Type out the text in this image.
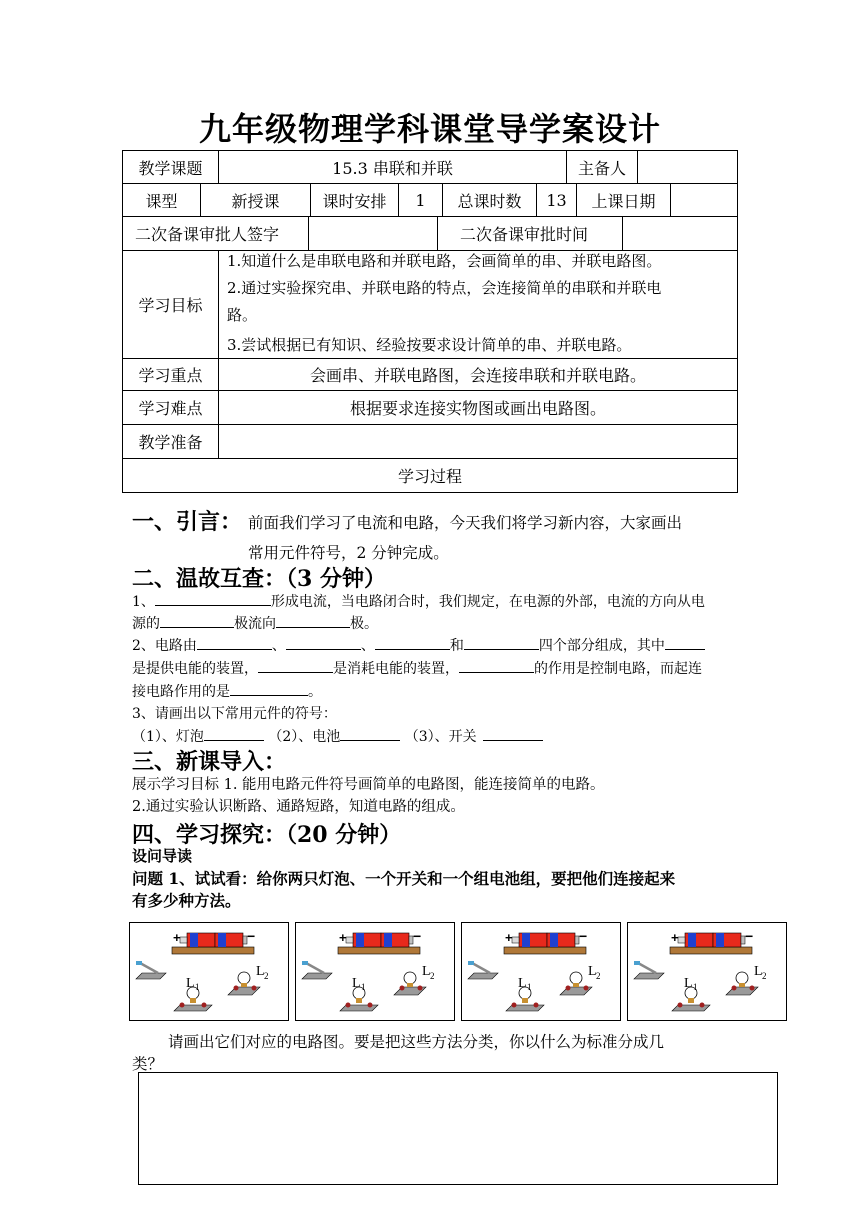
九年级物理学科课堂导学案设计
教学课题	15.3 串联和并联	主备人
课型	新授课	课时安排	1	总课时数	13	上课日期
二次备课审批人签字	二次备课审批时间
学习目标
1.知道什么是串联电路和并联电路，会画简单的串、并联电路图。
2.通过实验探究串、并联电路的特点，会连接简单的串联和并联电
路。
3.尝试根据已有知识、经验按要求设计简单的串、并联电路。
学习重点	会画串、并联电路图，会连接串联和并联电路。
学习难点	根据要求连接实物图或画出电路图。
教学准备
学习过程
一、引言： 前面我们学习了电流和电路，今天我们将学习新内容，大家画出
常用元件符号，2 分钟完成。
二、温故互查：（3 分钟）
1、	形成电流，当电路闭合时，我们规定，在电源的外部，电流的方向从电
源的	极流向	极。
2、电路由	、	、	和	四个部分组成，其中
是提供电能的装置，	是消耗电能的装置，	的作用是控制电路，而起连
接电路作用的是	。
3、请画出以下常用元件的符号：
（1）、灯泡	（2）、电池	（3）、开关
三、新课导入：
展示学习目标 1. 能用电路元件符号画简单的电路图，能连接简单的电路。
2.通过实验认识断路、通路短路，知道电路的组成。
四、学习探究：（20 分钟）
设问导读
问题 1、试试看：给你两只灯泡、一个开关和一个组电池组，要把他们连接起来
有多少种方法。
+	−
L 2
L 1
+	−
L 2
L 1
+	−
L 2
L 1
+	−
L 2
L 1
请画出它们对应的电路图。要是把这些方法分类，你以什么为标准分成几
类？
